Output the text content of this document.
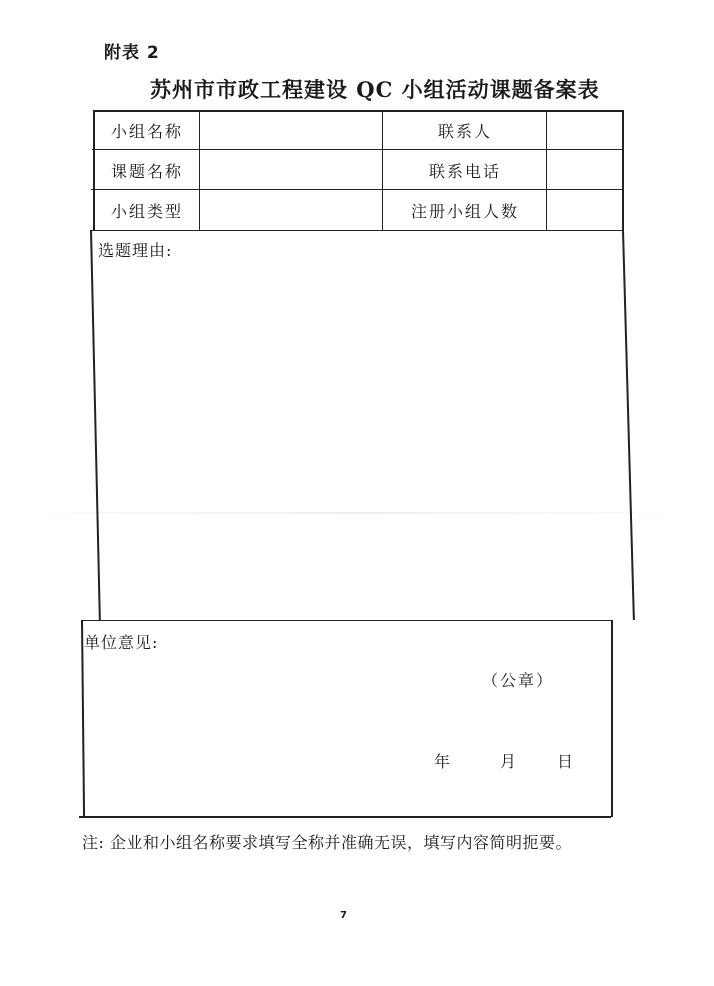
附表 2
苏州市市政工程建设 QC 小组活动课题备案表
小组名称	联系人
课题名称	联系电话
小组类型	注册小组人数
选题理由:
单位意见:
（公章）
年	月	日
注: 企业和小组名称要求填写全称并准确无误，填写内容简明扼要。
7
